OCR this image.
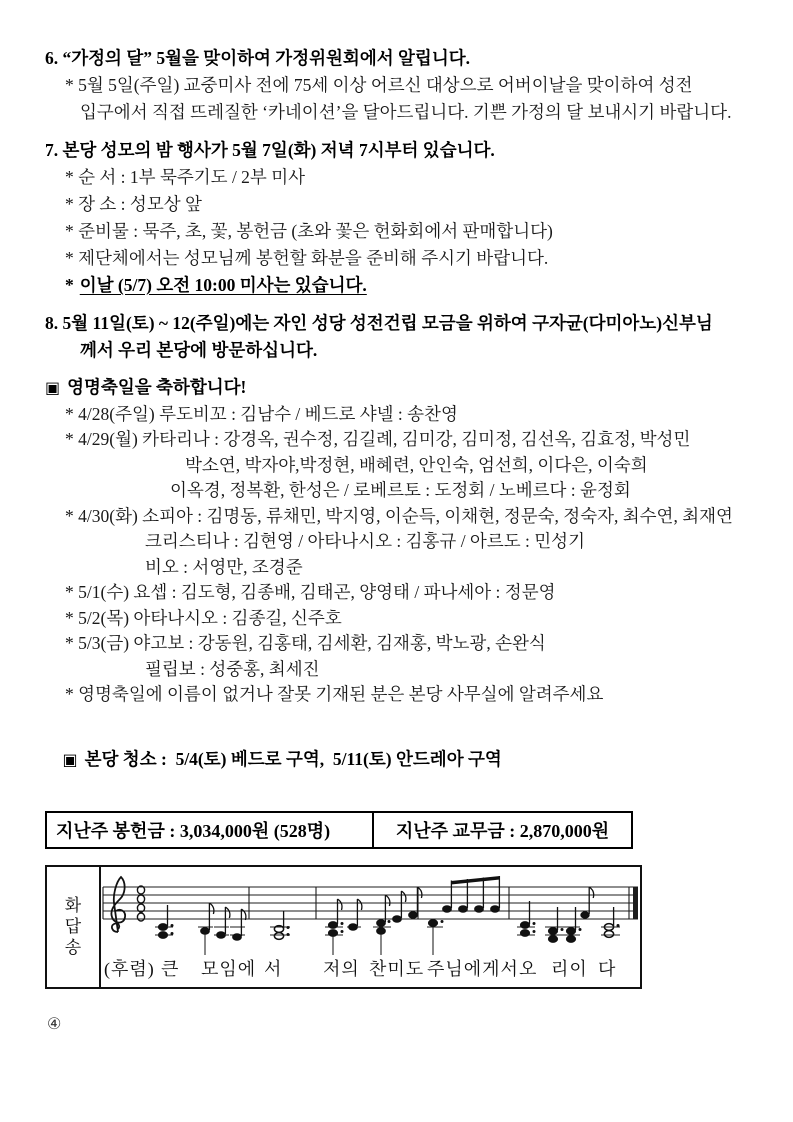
6. “가정의 달” 5월을 맞이하여 가정위원회에서 알립니다.

* 5월 5일(주일) 교중미사 전에 75세 이상 어르신 대상으로 어버이날을 맞이하여 성전

입구에서 직접 뜨레질한 ‘카네이션’을 달아드립니다. 기쁜 가정의 달 보내시기 바랍니다.

7. 본당 성모의 밤 행사가 5월 7일(화) 저녁 7시부터 있습니다.

* 순 서 : 1부 묵주기도 / 2부 미사

* 장 소 : 성모상 앞

* 준비물 : 묵주, 초, 꽃, 봉헌금 (초와 꽃은 헌화회에서 판매합니다)

* 제단체에서는 성모님께 봉헌할 화분을 준비해 주시기 바랍니다.

* 이날 (5/7) 오전 10:00 미사는 있습니다.

8. 5월 11일(토) ~ 12(주일)에는 자인 성당 성전건립 모금을 위하여 구자균(다미아노)신부님

께서 우리 본당에 방문하십니다.

▣ 영명축일을 축하합니다!

* 4/28(주일) 루도비꼬 : 김남수 / 베드로 샤넬 : 송찬영

* 4/29(월) 카타리나 : 강경옥, 권수정, 김길례, 김미강, 김미정, 김선옥, 김효정, 박성민

박소연, 박자야,박정현, 배혜련, 안인숙, 엄선희, 이다은, 이숙희

이옥경, 정복환, 한성은 / 로베르토 : 도정회 / 노베르다 : 윤정회

* 4/30(화) 소피아 : 김명동, 류채민, 박지영, 이순득, 이채현, 정문숙, 정숙자, 최수연, 최재연

크리스티나 : 김현영 / 아타나시오 : 김홍규 / 아르도 : 민성기

비오 : 서영만, 조경준

* 5/1(수) 요셉 : 김도형, 김종배, 김태곤, 양영태 / 파나세아 : 정문영

* 5/2(목) 아타나시오 : 김종길, 신주호

* 5/3(금) 야고보 : 강동원, 김홍태, 김세환, 김재홍, 박노광, 손완식

필립보 : 성중홍, 최세진

* 영명축일에 이름이 없거나 잘못 기재된 분은 본당 사무실에 알려주세요

▣ 본당 청소 :  5/4(토) 베드로 구역,  5/11(토) 안드레아 구역

지난주 봉헌금 : 3,034,000원 (528명)	지난주 교무금 : 2,870,000원
화
답
송
(후렴) 큰 모임에 서 저의 찬미도 주님에게서 오 리이 다

④
